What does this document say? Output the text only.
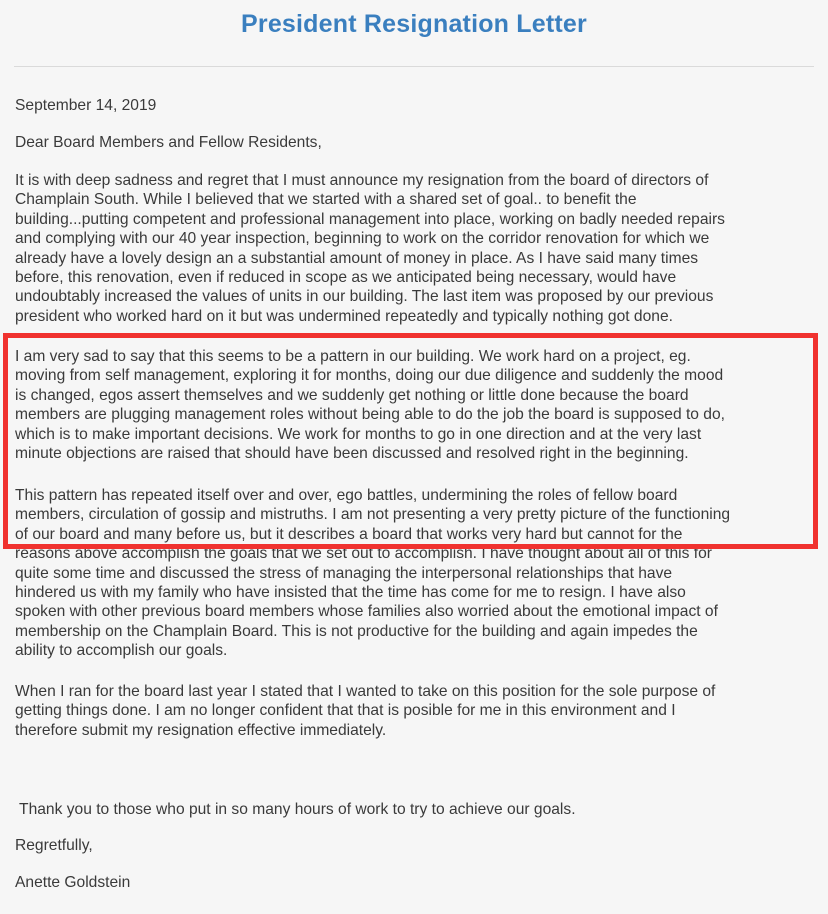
President Resignation Letter
September 14, 2019
Dear Board Members and Fellow Residents,
It is with deep sadness and regret that I must announce my resignation from the board of directors of
Champlain South. While I believed that we started with a shared set of goal.. to benefit the
building...putting competent and professional management into place, working on badly needed repairs
and complying with our 40 year inspection, beginning to work on the corridor renovation for which we
already have a lovely design an a substantial amount of money in place. As I have said many times
before, this renovation, even if reduced in scope as we anticipated being necessary, would have
undoubtably increased the values of units in our building. The last item was proposed by our previous
president who worked hard on it but was undermined repeatedly and typically nothing got done.
I am very sad to say that this seems to be a pattern in our building. We work hard on a project, eg.
moving from self management, exploring it for months, doing our due diligence and suddenly the mood
is changed, egos assert themselves and we suddenly get nothing or little done because the board
members are plugging management roles without being able to do the job the board is supposed to do,
which is to make important decisions. We work for months to go in one direction and at the very last
minute objections are raised that should have been discussed and resolved right in the beginning.
This pattern has repeated itself over and over, ego battles, undermining the roles of fellow board
members, circulation of gossip and mistruths. I am not presenting a very pretty picture of the functioning
of our board and many before us, but it describes a board that works very hard but cannot for the
reasons above accomplish the goals that we set out to accomplish. I have thought about all of this for
quite some time and discussed the stress of managing the interpersonal relationships that have
hindered us with my family who have insisted that the time has come for me to resign. I have also
spoken with other previous board members whose families also worried about the emotional impact of
membership on the Champlain Board. This is not productive for the building and again impedes the
ability to accomplish our goals.
When I ran for the board last year I stated that I wanted to take on this position for the sole purpose of
getting things done. I am no longer confident that that is posible for me in this environment and I
therefore submit my resignation effective immediately.

Thank you to those who put in so many hours of work to try to achieve our goals.

Regretfully,
Anette Goldstein
